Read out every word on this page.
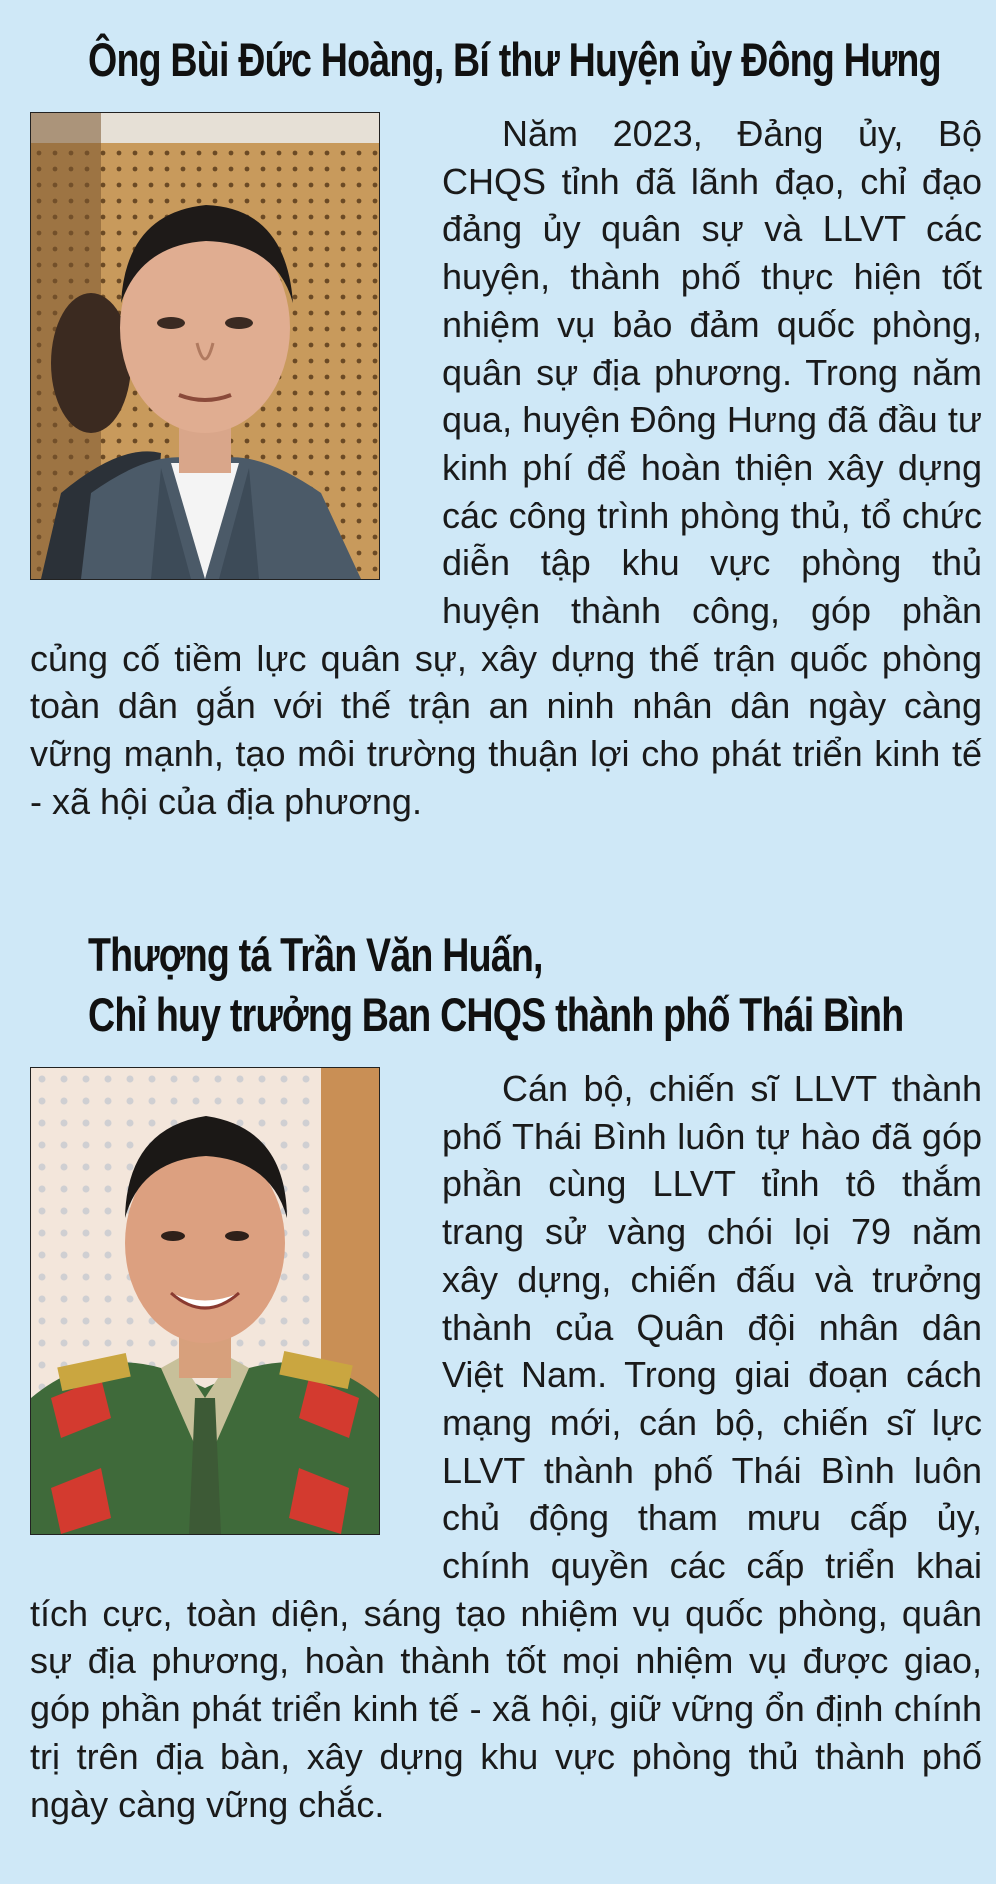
Ông Bùi Đức Hoàng, Bí thư Huyện ủy Đông Hưng
Năm 2023, Đảng ủy, Bộ CHQS tỉnh đã lãnh đạo, chỉ đạo đảng ủy quân sự và LLVT các huyện, thành phố thực hiện tốt nhiệm vụ bảo đảm quốc phòng, quân sự địa phương. Trong năm qua, huyện Đông Hưng đã đầu tư kinh phí để hoàn thiện xây dựng các công trình phòng thủ, tổ chức diễn tập khu vực phòng thủ huyện thành công, góp phần củng cố tiềm lực quân sự, xây dựng thế trận quốc phòng toàn dân gắn với thế trận an ninh nhân dân ngày càng vững mạnh, tạo môi trường thuận lợi cho phát triển kinh tế - xã hội của địa phương.
Thượng tá Trần Văn Huấn,
Chỉ huy trưởng Ban CHQS thành phố Thái Bình
Cán bộ, chiến sĩ LLVT thành phố Thái Bình luôn tự hào đã góp phần cùng LLVT tỉnh tô thắm trang sử vàng chói lọi 79 năm xây dựng, chiến đấu và trưởng thành của Quân đội nhân dân Việt Nam. Trong giai đoạn cách mạng mới, cán bộ, chiến sĩ lực LLVT thành phố Thái Bình luôn chủ động tham mưu cấp ủy, chính quyền các cấp triển khai tích cực, toàn diện, sáng tạo nhiệm vụ quốc phòng, quân sự địa phương, hoàn thành tốt mọi nhiệm vụ được giao, góp phần phát triển kinh tế - xã hội, giữ vững ổn định chính trị trên địa bàn, xây dựng khu vực phòng thủ thành phố ngày càng vững chắc.
